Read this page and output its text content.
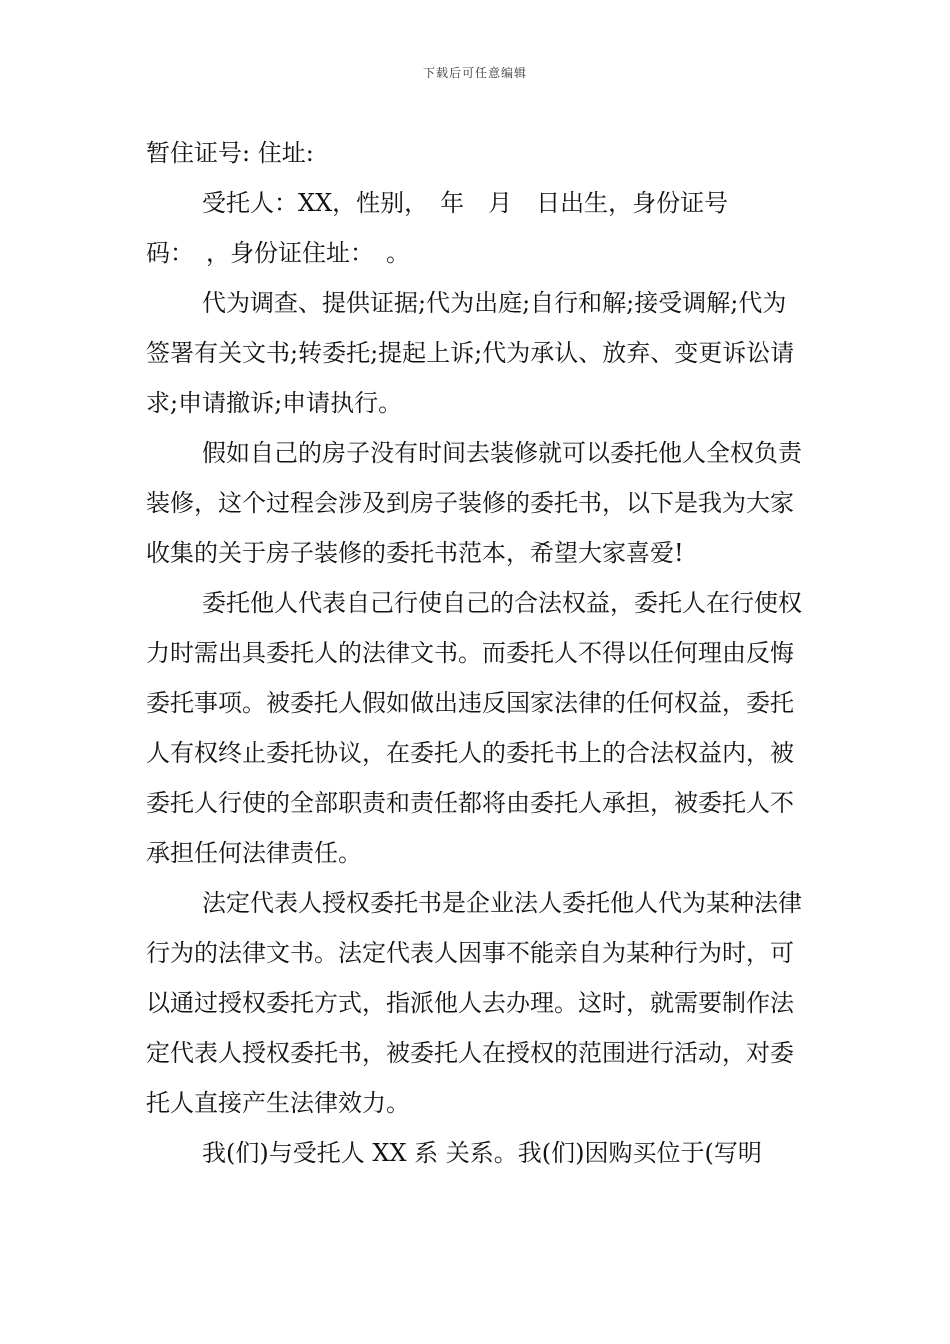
下载后可任意编辑

暂住证号: 住址:

受托人：XX，性别，　年　月　日出生，身份证号码：　，身份证住址：　。

代为调查、提供证据;代为出庭;自行和解;接受调解;代为签署有关文书;转委托;提起上诉;代为承认、放弃、变更诉讼请求;申请撤诉;申请执行。

假如自己的房子没有时间去装修就可以委托他人全权负责装修，这个过程会涉及到房子装修的委托书，以下是我为大家收集的关于房子装修的委托书范本，希望大家喜爱!

委托他人代表自己行使自己的合法权益，委托人在行使权力时需出具委托人的法律文书。而委托人不得以任何理由反悔委托事项。被委托人假如做出违反国家法律的任何权益，委托人有权终止委托协议，在委托人的委托书上的合法权益内，被委托人行使的全部职责和责任都将由委托人承担，被委托人不承担任何法律责任。

法定代表人授权委托书是企业法人委托他人代为某种法律行为的法律文书。法定代表人因事不能亲自为某种行为时，可以通过授权委托方式，指派他人去办理。这时，就需要制作法定代表人授权委托书，被委托人在授权的范围进行活动，对委托人直接产生法律效力。

我(们)与受托人 XX 系 关系。我(们)因购买位于(写明
